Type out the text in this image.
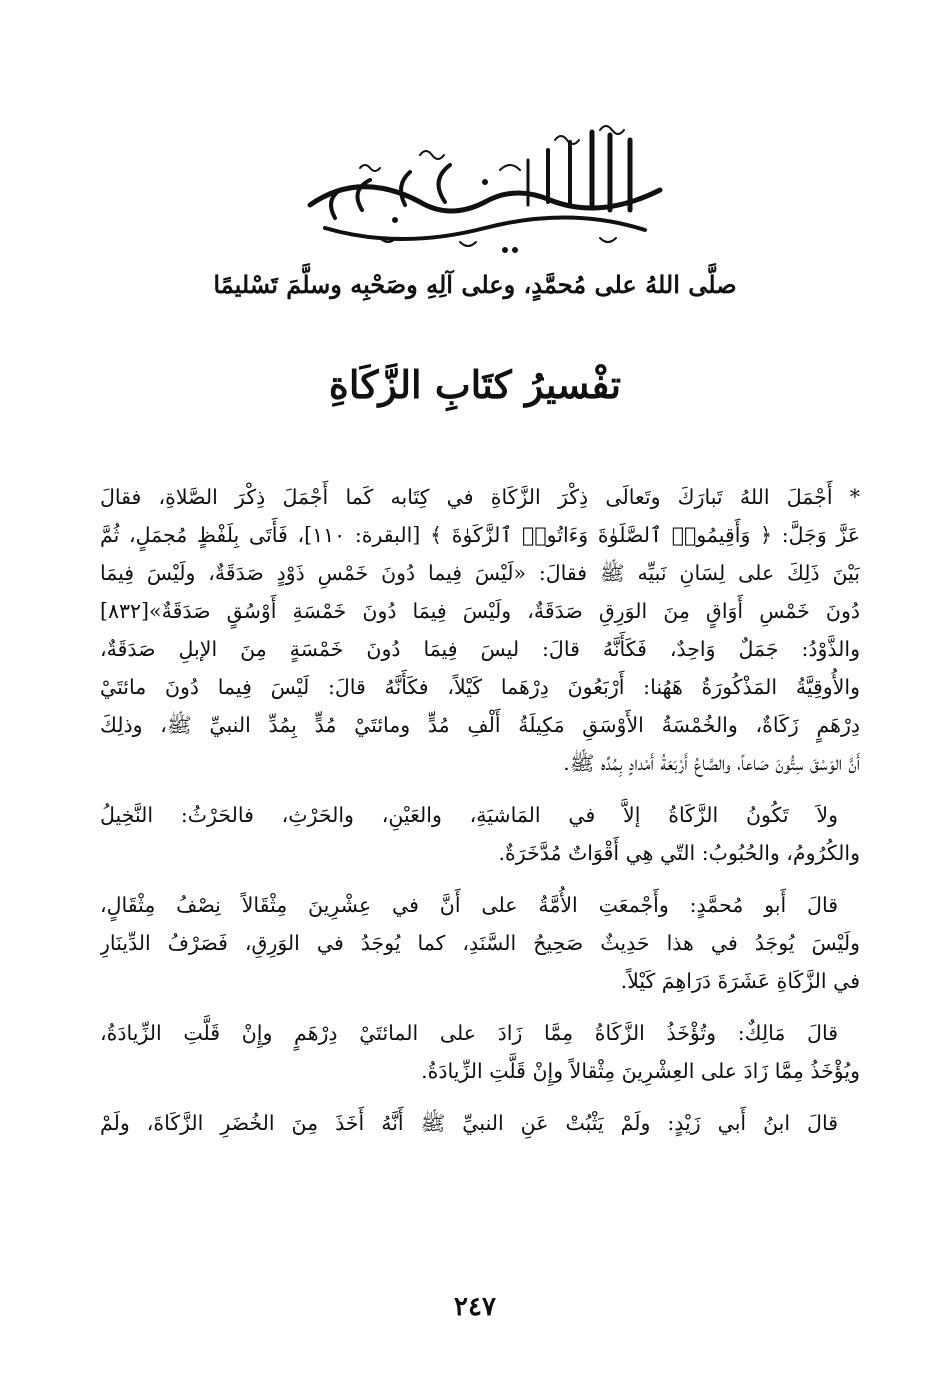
صلَّى اللهُ على مُحمَّدٍ، وعلى آلِهِ وصَحْبِه وسلَّمَ تَسْليمًا
تفْسيرُ كتَابِ الزَّكَاةِ
* أَجْمَلَ اللهُ تَبارَكَ وتَعالَى ذِكْرَ الزَّكَاةِ في كِتَابه كَما أَجْمَلَ ذِكْرَ الصَّلاةِ، فقالَ
عَزَّ وَجَلَّ: ﴿ وَأَقِيمُوا۟ ٱلصَّلَوٰةَ وَءَاتُوا۟ ٱلزَّكَوٰةَ ﴾ [البقرة: ١١٠]، فَأَتَى بِلَفْظٍ مُجمَلٍ، ثُمَّ
بَيْنَ ذَلِكَ على لِسَانِ نَبيِّه ﷺ فقالَ: «لَيْسَ فِيما دُونَ خَمْسِ ذَوْدٍ صَدَقَةٌ، ولَيْسَ فِيمَا
دُونَ خَمْسِ أَوَاقٍ مِنَ الوَرِقِ صَدَقَةٌ، ولَيْسَ فِيمَا دُونَ خَمْسَةِ أَوْسُقٍ صَدَقَةٌ»[٨٣٢]
والذَّوْدُ: جَمَلٌ وَاحِدٌ، فَكَأَنَّهُ قالَ: ليسَ فِيمَا دُونَ خَمْسَةٍ مِنَ الإبلِ صَدَقَةٌ،
والأُوقِيَّةُ المَذْكُورَةُ هَهُنا: أَرْبَعُونَ دِرْهَما كَيْلاً، فكَأَنَّهُ قالَ: لَيْسَ فِيما دُونَ مائتَيْ
دِرْهَمٍ زَكَاةٌ، والخُمْسَةُ الأَوْسَقِ مَكِيلَةُ أَلْفِ مُدٍّ ومائتَيْ مُدٍّ بِمُدِّ النبيِّ ﷺ، وذلِكَ
أَنَّ الوَسْقَ سِتُّونَ صَاعاً، والصَّاعُ أَرْبَعَةُ أَمْدادٍ بِمُدِّه ﷺ.
ولاَ تَكُونُ الزَّكَاةُ إلاَّ في المَاشيَةِ، والعَيْنِ، والحَرْثِ، فالحَرْثُ: النَّخِيلُ
والكُرُومُ، والحُبُوبُ: التّي هِي أَقْوَاتٌ مُدَّخَرَةٌ.
قالَ أَبو مُحمَّدٍ: وأَجْمعَتِ الأُمَّةُ على أَنَّ في عِشْرِينَ مِثْقَالاً نِصْفُ مِثْقَالٍ،
ولَيْسَ يُوجَدُ في هذا حَدِيثٌ صَحِيحُ السَّنَدِ، كما يُوجَدُ في الوَرِقِ، فَصَرْفُ الدِّينَارِ
في الزَّكَاةِ عَشَرَةَ دَرَاهِمَ كَيْلاً.
قالَ مَالِكٌ: وتُؤْخَذُ الزَّكَاةُ مِمَّا زَادَ على المائتَيْ دِرْهَمٍ وإِنْ قَلَّتِ الزِّيادَةُ،
ويُؤْخَذُ مِمَّا زَادَ على العِشْرِينَ مِثْقالاً وإِنْ قَلَّتِ الزِّيادَةُ.
قالَ ابنُ أَبي زَيْدٍ: ولَمْ يَثْبُتْ عَنِ النبيِّ ﷺ أَنَّهُ أَخَذَ مِنَ الخُضَرِ الزَّكَاةَ، ولَمْ
٢٤٧
